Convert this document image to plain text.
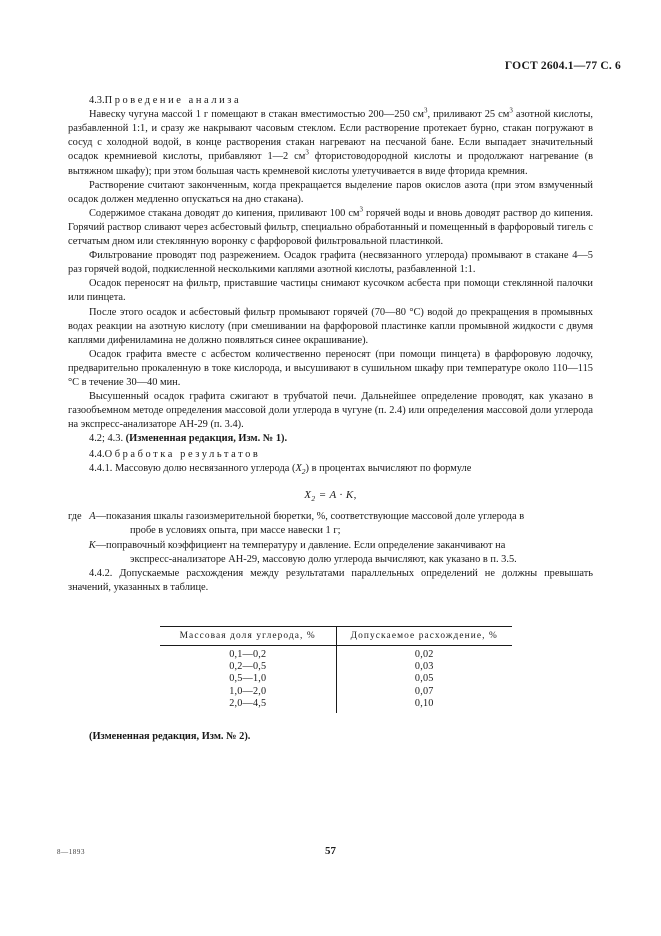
ГОСТ 2604.1—77 С. 6

4.3.Проведение анализа

Навеску чугуна массой 1 г помещают в стакан вместимостью 200—250 $см^3$, приливают 25 $см^3$ азотной кислоты, разбавленной 1:1, и сразу же накрывают часовым стеклом. Если растворение протекает бурно, стакан погружают в сосуд с холодной водой, в конце растворения стакан нагревают на песчаной бане. Если выпадает значительный осадок кремниевой кислоты, прибавляют 1—2 $см^3$ фтористоводородной кислоты и продолжают нагревание (в вытяжном шкафу); при этом большая часть кремневой кислоты улетучивается в виде фторида кремния.

Растворение считают законченным, когда прекращается выделение паров окислов азота (при этом взмученный осадок должен медленно опускаться на дно стакана).

Содержимое стакана доводят до кипения, приливают 100 $см^3$ горячей воды и вновь доводят раствор до кипения. Горячий раствор сливают через асбестовый фильтр, специально обработанный и помещенный в фарфоровый тигель с сетчатым дном или стеклянную воронку с фарфоровой фильтровальной пластинкой.

Фильтрование проводят под разрежением. Осадок графита (несвязанного углерода) промывают в стакане 4—5 раз горячей водой, подкисленной несколькими каплями азотной кислоты, разбавленной 1:1.

Осадок переносят на фильтр, приставшие частицы снимают кусочком асбеста при помощи стеклянной палочки или пинцета.

После этого осадок и асбестовый фильтр промывают горячей (70—80 °С) водой до прекращения в промывных водах реакции на азотную кислоту (при смешивании на фарфоровой пластинке капли промывной жидкости с двумя каплями дифениламина не должно появляться синее окрашивание).

Осадок графита вместе с асбестом количественно переносят (при помощи пинцета) в фарфоровую лодочку, предварительно прокаленную в токе кислорода, и высушивают в сушильном шкафу при температуре около 110—115 °С в течение 30—40 мин.

Высушенный осадок графита сжигают в трубчатой печи. Дальнейшее определение проводят, как указано в газообъемном методе определения массовой доли углерода в чугуне (п. 2.4) или определения массовой доли углерода на экспресс-анализаторе АН-29 (п. 3.4).

4.2; 4.3. (Измененная редакция, Изм. № 1).

4.4.Обработка результатов

4.4.1. Массовую долю несвязанного углерода $(X_2)$ в процентах вычисляют по формуле

$X_2 = A \cdot K$,

где A — показания шкалы газоизмерительной бюретки, %, соответствующие массовой доле углерода в
пробе в условиях опыта, при массе навески 1 г;
K — поправочный коэффициент на температуру и давление. Если определение заканчивают на
экспресс-анализаторе АН-29, массовую долю углерода вычисляют, как указано в п. 3.5.

4.4.2. Допускаемые расхождения между результатами параллельных определений не должны превышать значений, указанных в таблице.

Массовая доля углерода, %	Допускаемое расхождение, %
0,1—0,2	0,02
0,2—0,5	0,03
0,5—1,0	0,05
1,0—2,0	0,07
2,0—4,5	0,10
(Измененная редакция, Изм. № 2).
8—1893	57
